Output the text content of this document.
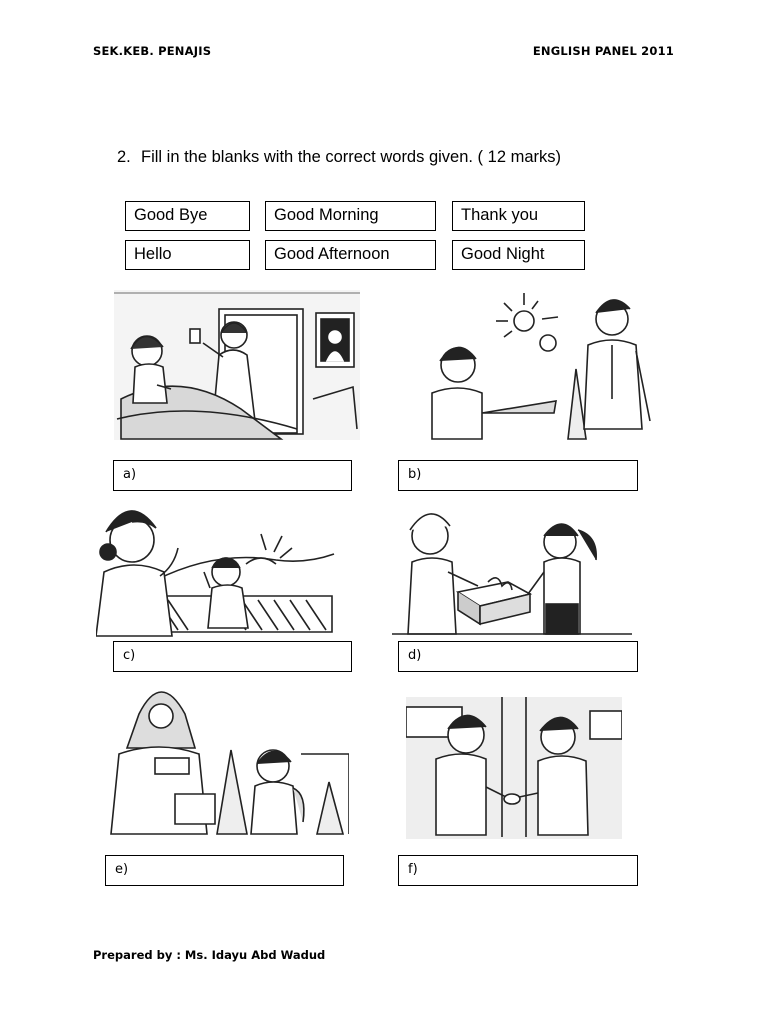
SEK.KEB. PENAJIS	ENGLISH PANEL 2011
2. Fill in the blanks with the correct words given. ( 12 marks)
Good Bye	Good Morning	Thank you
Hello	Good Afternoon	Good Night
a)	b)
c)	d)
e)	f)
Prepared by : Ms. Idayu Abd Wadud
